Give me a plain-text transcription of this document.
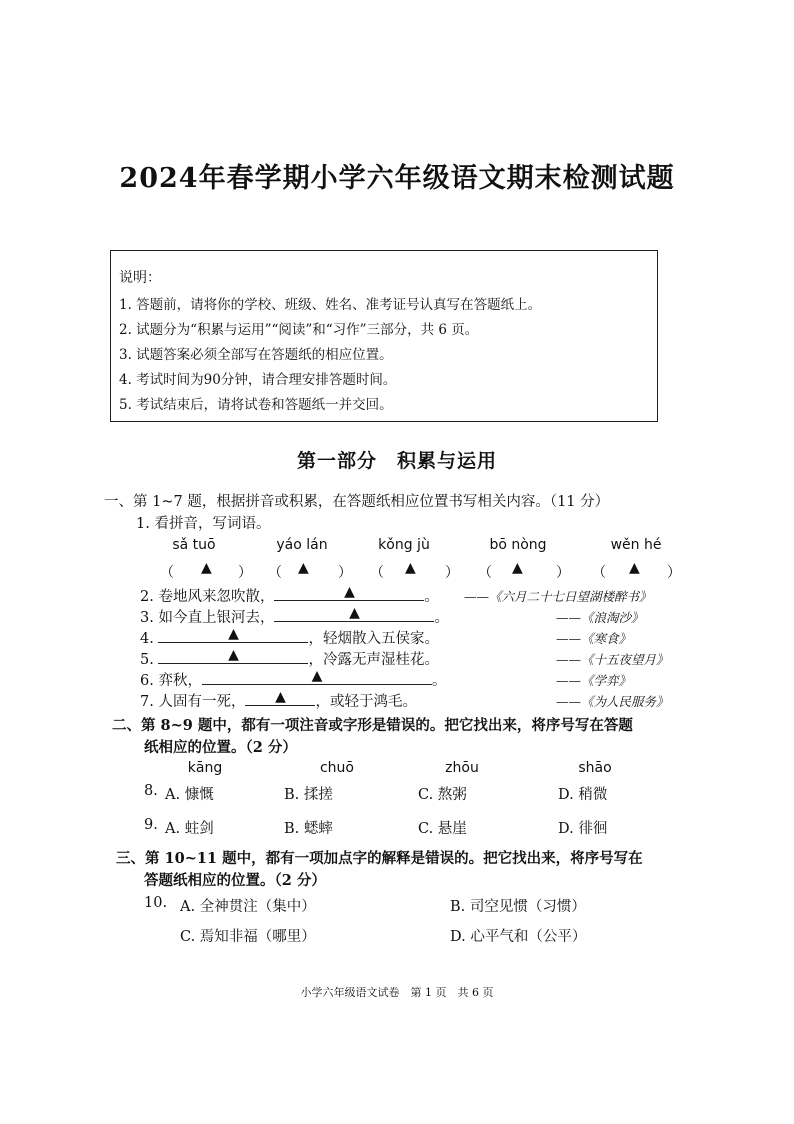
2024年春学期小学六年级语文期末检测试题
说明：
1. 答题前，请将你的学校、班级、姓名、准考证号认真写在答题纸上。
2. 试题分为“积累与运用”“阅读”和“习作”三部分，共 6 页。
3. 试题答案必须全部写在答题纸的相应位置。
4. 考试时间为90分钟，请合理安排答题时间。
5. 考试结束后，请将试卷和答题纸一并交回。
第一部分　积累与运用
一、第 1~7 题，根据拼音或积累，在答题纸相应位置书写相关内容。（11 分）
1. 看拼音，写词语。
sǎ tuō	yáo lán	kǒng jù	bō nòng	wěn hé
（ ▲ ） （ ▲ ） （ ▲ ） （ ▲ ） （ ▲ ）
2. 卷地风来忽吹散，	▲	。 ——《六月二十七日望湖楼醉书》
3. 如今直上银河去，	▲	。	——《浪淘沙》
4.	▲	，轻烟散入五侯家。	——《寒食》
5.	▲	，冷露无声湿桂花。	——《十五夜望月》
6. 弈秋，	▲	。	——《学弈》
7. 人固有一死， ▲ ，或轻于鸿毛。	——《为人民服务》
二、第 8~9 题中，都有一项注音或字形是错误的。把它找出来，将序号写在答题
纸相应的位置。（2 分）
kāng	chuō	zhōu	shāo
8. A. 慷慨	B. 揉搓	C. 熬粥	D. 稍微
9. A. 蛀剑	B. 蟋蟀	C. 悬崖	D. 徘徊
三、第 10~11 题中，都有一项加点字的解释是错误的。把它找出来，将序号写在
答题纸相应的位置。（2 分）
10. A. 全神贯注（集中）	B. 司空见惯（习惯）
C. 焉知非福（哪里）	D. 心平气和（公平）
小学六年级语文试卷　第 1 页　共 6 页
